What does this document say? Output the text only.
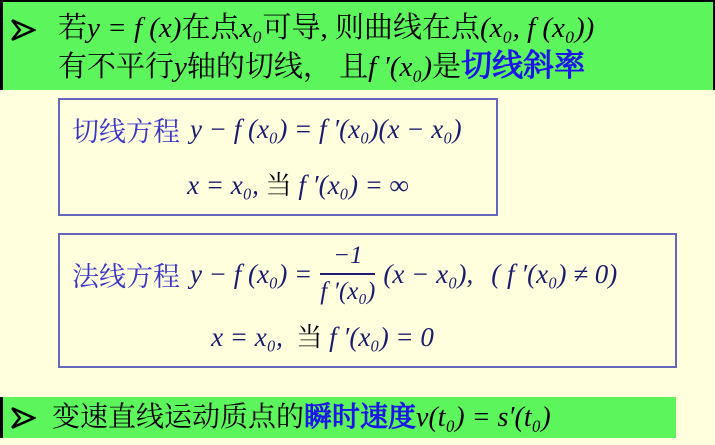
若y = f (x)在点x₀可导, 则曲线在点(x₀, f (x₀))
有不平行y轴的切线， 且f ′(x₀)是切线斜率
切线方程 y − f (x₀) = f ′(x₀)(x − x₀)
x = x₀, 当 f ′(x₀) = ∞
法线方程 y − f $(x_0) = \frac{-1}{\text{f ′(x₀)}} (x - x_0)$, ( f ′(x₀) ≠ 0)
x = x₀,  当 f ′(x₀) = 0
变速直线运动质点的瞬时速度v(t₀) = s′(t₀)
